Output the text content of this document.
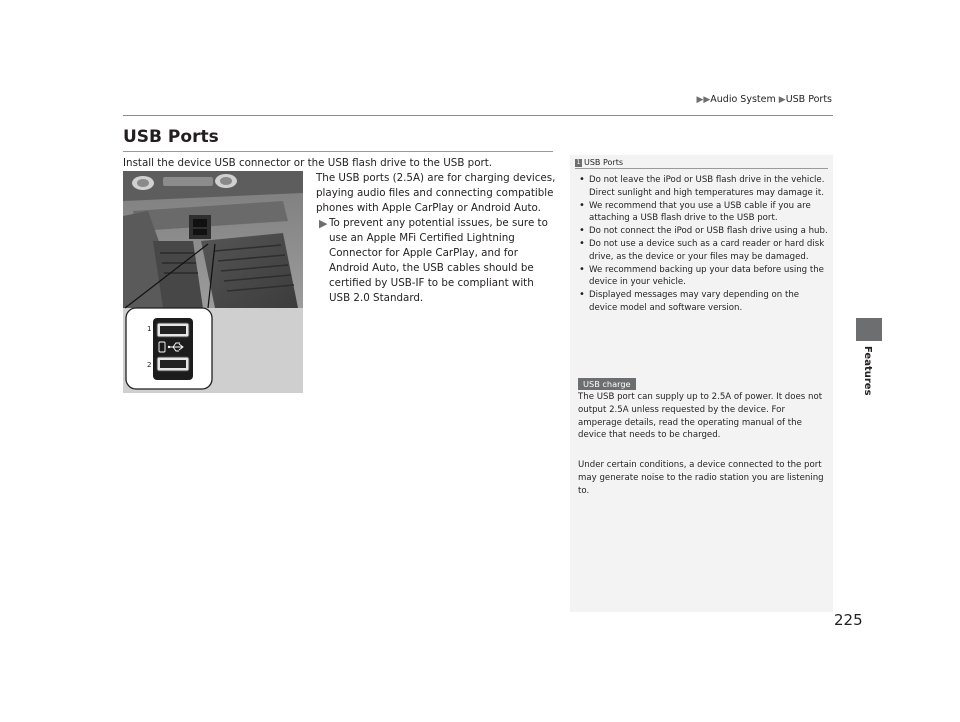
▶▶Audio System ▶USB Ports
Features
225
USB Ports

Install the device USB connector or the USB flash drive to the USB port.

1
2

The USB ports (2.5A) are for charging devices, playing audio files and connecting compatible phones with Apple CarPlay or Android Auto.

▶ To prevent any potential issues, be sure to use an Apple MFi Certified Lightning Connector for Apple CarPlay, and for Android Auto, the USB cables should be certified by USB-IF to be compliant with USB 2.0 Standard.

1 USB Ports
• Do not leave the iPod or USB flash drive in the vehicle. Direct sunlight and high temperatures may damage it.
• We recommend that you use a USB cable if you are attaching a USB flash drive to the USB port.
• Do not connect the iPod or USB flash drive using a hub.
• Do not use a device such as a card reader or hard disk drive, as the device or your files may be damaged.
• We recommend backing up your data before using the device in your vehicle.
• Displayed messages may vary depending on the device model and software version.
USB charge

The USB port can supply up to 2.5A of power. It does not output 2.5A unless requested by the device. For amperage details, read the operating manual of the device that needs to be charged.

Under certain conditions, a device connected to the port may generate noise to the radio station you are listening to.
